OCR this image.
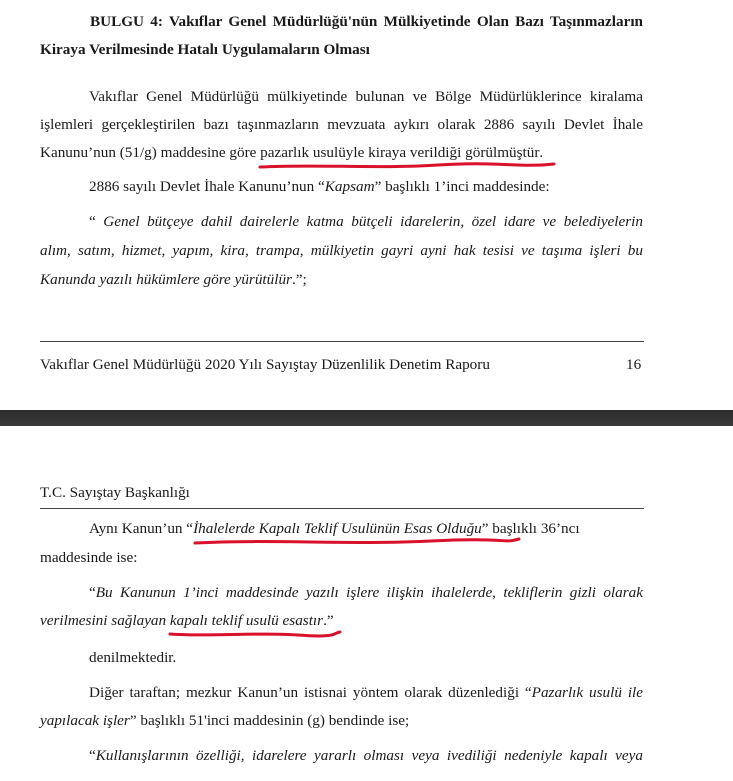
BULGU 4: Vakıflar Genel Müdürlüğü'nün Mülkiyetinde Olan Bazı Taşınmazların
Kiraya Verilmesinde Hatalı Uygulamaların Olması
Vakıflar Genel Müdürlüğü mülkiyetinde bulunan ve Bölge Müdürlüklerince kiralama
işlemleri gerçekleştirilen bazı taşınmazların mevzuata aykırı olarak 2886 sayılı Devlet İhale
Kanunu’nun (51/g) maddesine göre pazarlık usulüyle kiraya verildiği görülmüştür
.
2886 sayılı Devlet İhale Kanunu’nun “Kapsam” başlıklı 1’inci maddesinde:
“ Genel bütçeye dahil dairelerle katma bütçeli idarelerin, özel idare ve belediyelerin
alım, satım, hizmet, yapım, kira, trampa, mülkiyetin gayri ayni hak tesisi ve taşıma işleri bu
Kanunda yazılı hükümlere göre yürütülür.”;
Vakıflar Genel Müdürlüğü 2020 Yılı Sayıştay Düzenlilik Denetim Raporu	16
T.C. Sayıştay Başkanlığı
Aynı Kanun’un “İhalelerde Kapalı Teklif Usulünün Esas Olduğu
” başlıklı 36’ncı
maddesinde ise:
“Bu Kanunun 1’inci maddesinde yazılı işlere ilişkin ihalelerde, tekliflerin gizli olarak
verilmesini sağlayan kapalı teklif usulü esastır
.”
denilmektedir.
Diğer taraftan; mezkur Kanun’un istisnai yöntem olarak düzenlediği “Pazarlık usulü ile
yapılacak işler” başlıklı 51'inci maddesinin (g) bendinde ise;
“Kullanışlarının özelliği, idarelere yararlı olması veya ivediliği nedeniyle kapalı veya
